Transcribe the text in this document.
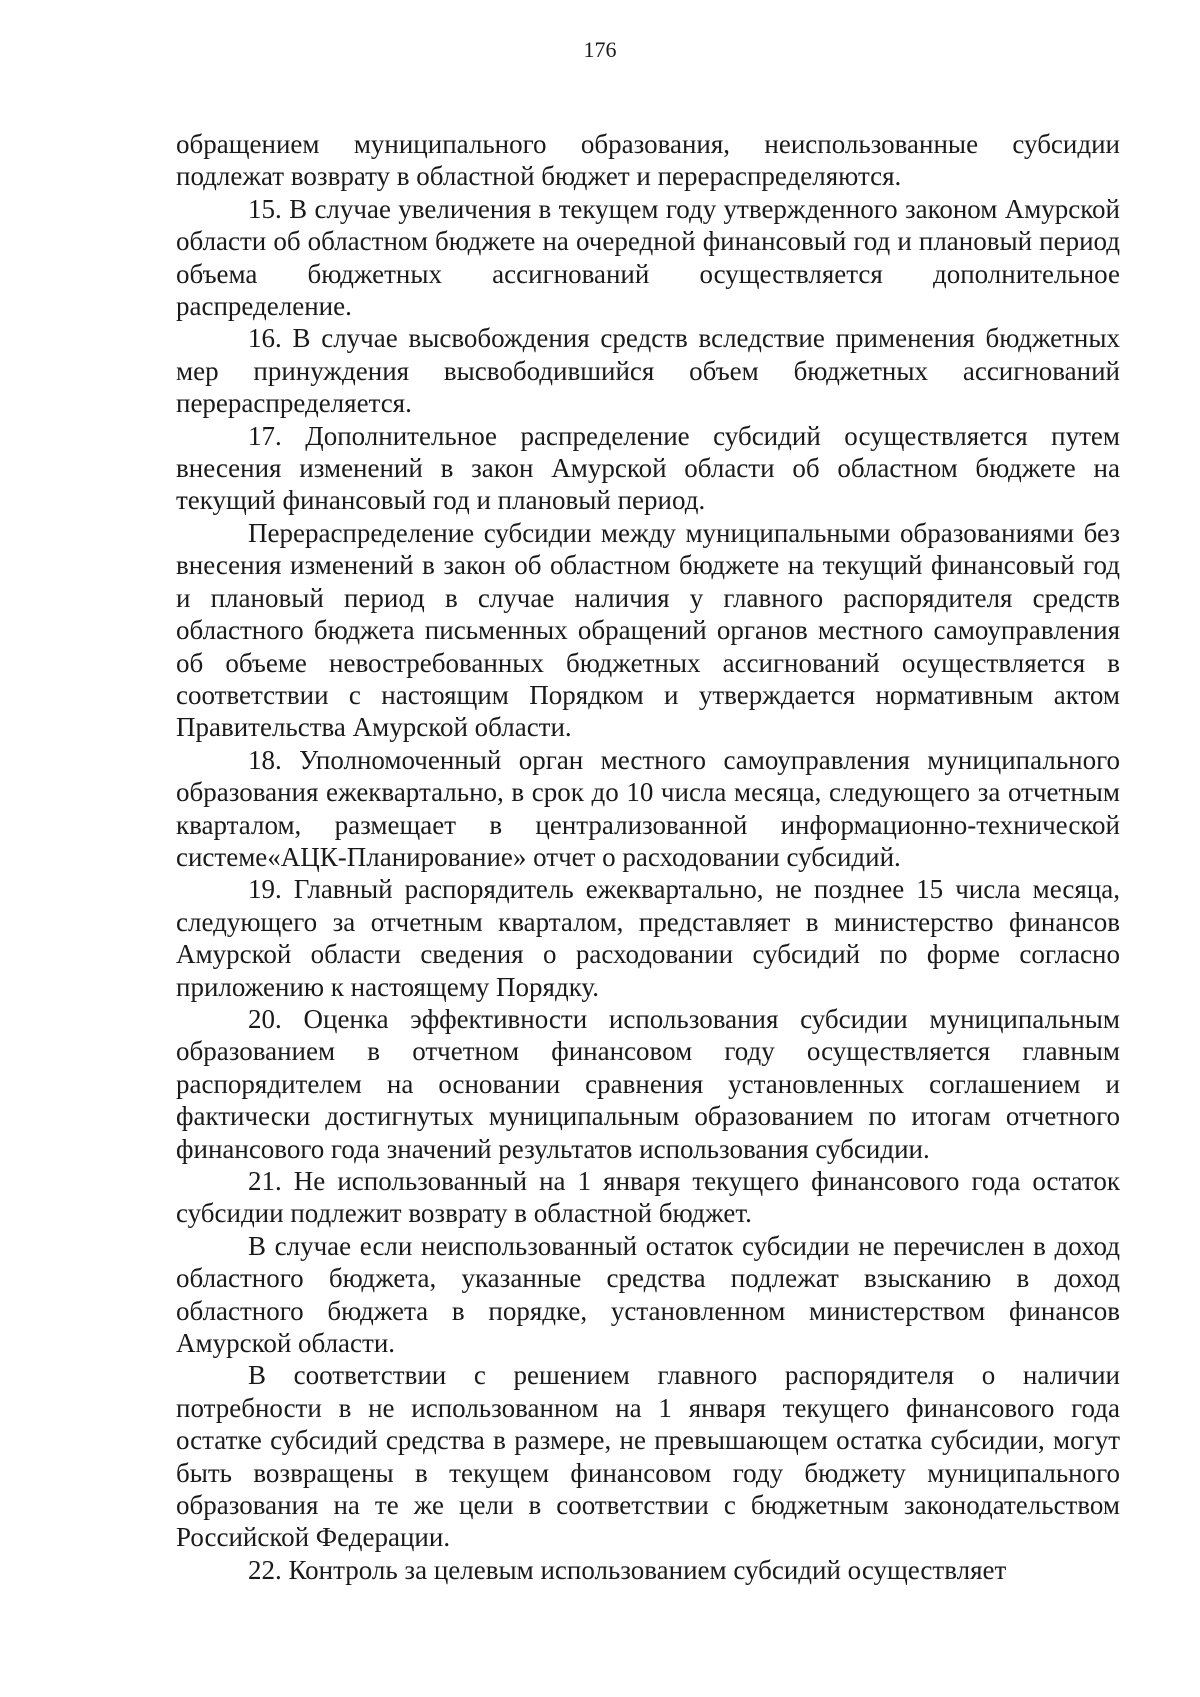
176

обращением муниципального образования, неиспользованные субсидии подлежат возврату в областной бюджет и перераспределяются.

15. В случае увеличения в текущем году утвержденного законом Амурской области об областном бюджете на очередной финансовый год и плановый период объема бюджетных ассигнований осуществляется дополнительное распределение.

16. В случае высвобождения средств вследствие применения бюджетных мер принуждения высвободившийся объем бюджетных ассигнований перераспределяется.

17. Дополнительное распределение субсидий осуществляется путем внесения изменений в закон Амурской области об областном бюджете на текущий финансовый год и плановый период.

Перераспределение субсидии между муниципальными образованиями без внесения изменений в закон об областном бюджете на текущий финансовый год и плановый период в случае наличия у главного распорядителя средств областного бюджета письменных обращений органов местного самоуправления об объеме невостребованных бюджетных ассигнований осуществляется в соответствии с настоящим Порядком и утверждается нормативным актом Правительства Амурской области.

18. Уполномоченный орган местного самоуправления муниципального образования ежеквартально, в срок до 10 числа месяца, следующего за отчетным кварталом, размещает в централизованной информационно-технической системе«АЦК-Планирование» отчет о расходовании субсидий.

19. Главный распорядитель ежеквартально, не позднее 15 числа месяца, следующего за отчетным кварталом, представляет в министерство финансов Амурской области сведения о расходовании субсидий по форме согласно приложению к настоящему Порядку.

20. Оценка эффективности использования субсидии муниципальным образованием в отчетном финансовом году осуществляется главным распорядителем на основании сравнения установленных соглашением и фактически достигнутых муниципальным образованием по итогам отчетного финансового года значений результатов использования субсидии.

21. Не использованный на 1 января текущего финансового года остаток субсидии подлежит возврату в областной бюджет.

В случае если неиспользованный остаток субсидии не перечислен в доход областного бюджета, указанные средства подлежат взысканию в доход областного бюджета в порядке, установленном министерством финансов Амурской области.

В соответствии с решением главного распорядителя о наличии потребности в не использованном на 1 января текущего финансового года остатке субсидий средства в размере, не превышающем остатка субсидии, могут быть возвращены в текущем финансовом году бюджету муниципального образования на те же цели в соответствии с бюджетным законодательством Российской Федерации.

22. Контроль за целевым использованием субсидий осуществляет
